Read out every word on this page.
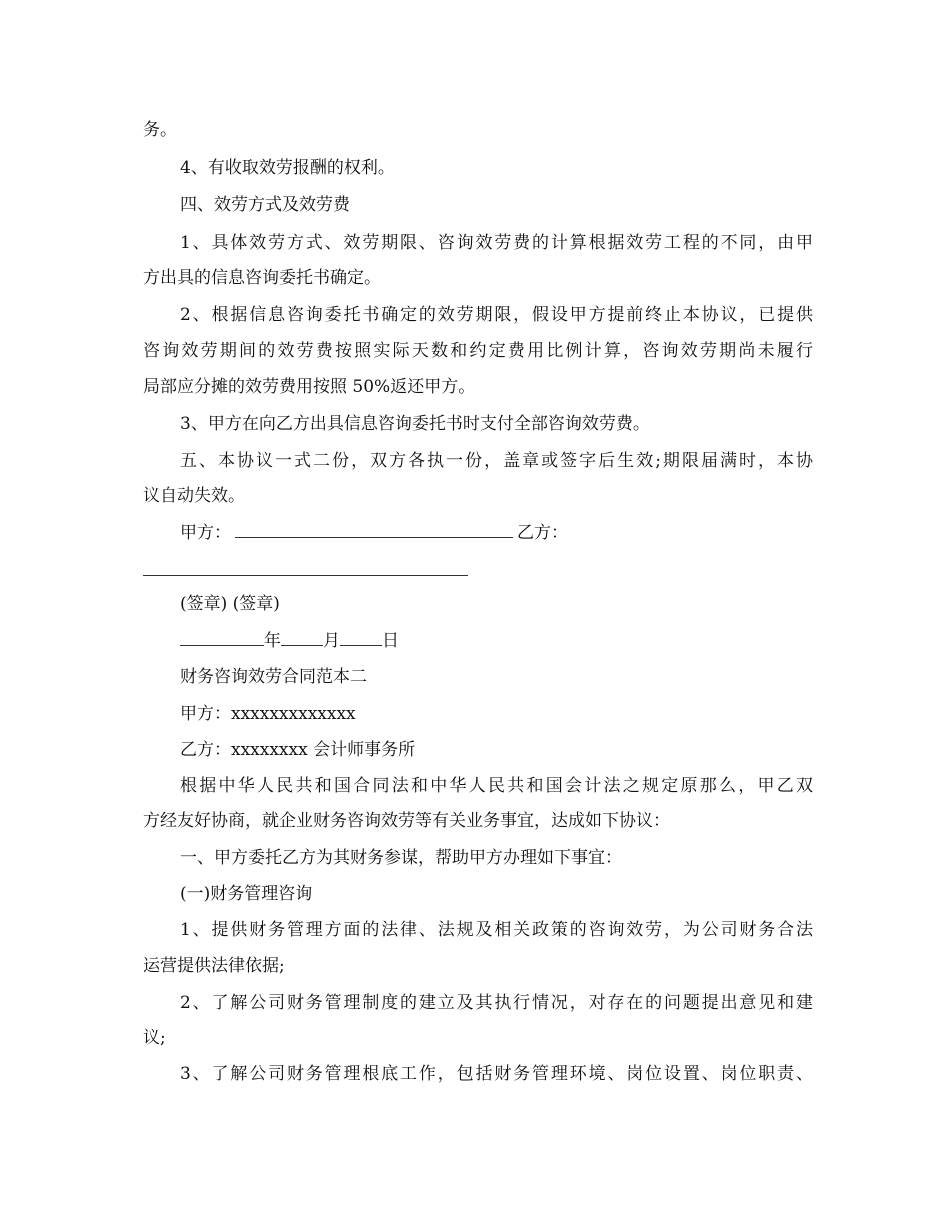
务。
4、有收取效劳报酬的权利。
四、效劳方式及效劳费
1、具体效劳方式、效劳期限、咨询效劳费的计算根据效劳工程的不同，由甲
方出具的信息咨询委托书确定。
2、根据信息咨询委托书确定的效劳期限，假设甲方提前终止本协议，已提供
咨询效劳期间的效劳费按照实际天数和约定费用比例计算，咨询效劳期尚未履行
局部应分摊的效劳费用按照 50%返还甲方。
3、甲方在向乙方出具信息咨询委托书时支付全部咨询效劳费。
五、本协议一式二份，双方各执一份，盖章或签字后生效;期限届满时，本协
议自动失效。
甲方：	乙方：
(签章) (签章)
年 月 日
财务咨询效劳合同范本二
甲方：xxxxxxxxxxxxx
乙方：xxxxxxxx 会计师事务所
根据中华人民共和国合同法和中华人民共和国会计法之规定原那么，甲乙双
方经友好协商，就企业财务咨询效劳等有关业务事宜，达成如下协议：
一、甲方委托乙方为其财务参谋，帮助甲方办理如下事宜：
(一)财务管理咨询
1、提供财务管理方面的法律、法规及相关政策的咨询效劳，为公司财务合法
运营提供法律依据;
2、了解公司财务管理制度的建立及其执行情况，对存在的问题提出意见和建
议;
3、了解公司财务管理根底工作，包括财务管理环境、岗位设置、岗位职责、
